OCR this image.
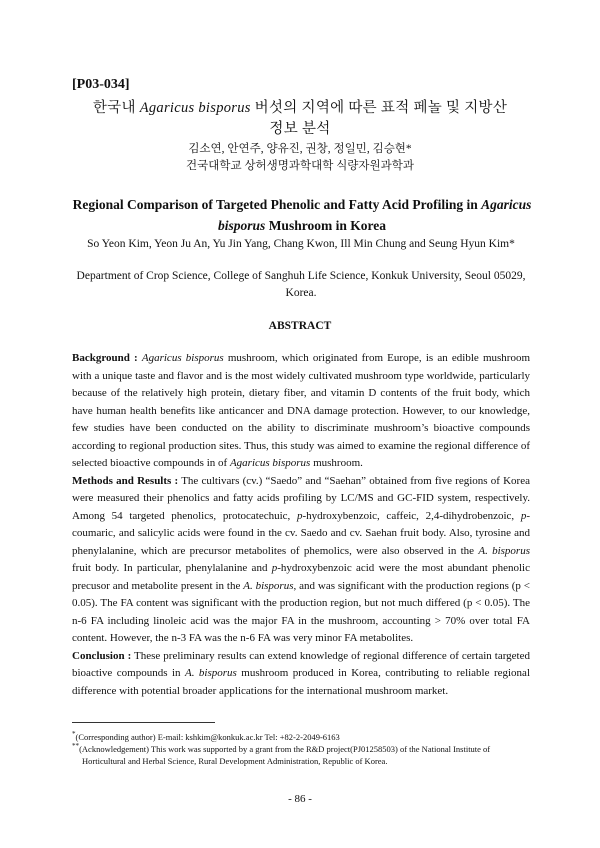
[P03-034]
한국내 Agaricus bisporus 버섯의 지역에 따른 표적 페놀 및 지방산
정보 분석
김소연, 안연주, 양유진, 권창, 정일민, 김승현*
건국대학교 상허생명과학대학 식량자원과학과
Regional Comparison of Targeted Phenolic and Fatty Acid Profiling in Agaricus bisporus Mushroom in Korea
So Yeon Kim, Yeon Ju An, Yu Jin Yang, Chang Kwon, Ill Min Chung and Seung Hyun Kim*
Department of Crop Science, College of Sanghuh Life Science, Konkuk University, Seoul 05029, Korea.
ABSTRACT

Background : Agaricus bisporus mushroom, which originated from Europe, is an edible mushroom with a unique taste and flavor and is the most widely cultivated mushroom type worldwide, particularly because of the relatively high protein, dietary fiber, and vitamin D contents of the fruit body, which have human health benefits like anticancer and DNA damage protection. However, to our knowledge, few studies have been conducted on the ability to discriminate mushroom’s bioactive compounds according to regional production sites. Thus, this study was aimed to examine the regional difference of selected bioactive compounds in of Agaricus bisporus mushroom.

Methods and Results : The cultivars (cv.) “Saedo” and “Saehan” obtained from five regions of Korea were measured their phenolics and fatty acids profiling by LC/MS and GC-FID system, respectively. Among 54 targeted phenolics, protocatechuic, p-hydroxybenzoic, caffeic, 2,4-dihydrobenzoic, p-coumaric, and salicylic acids were found in the cv. Saedo and cv. Saehan fruit body. Also, tyrosine and phenylalanine, which are precursor metabolites of phemolics, were also observed in the A. bisporus fruit body. In particular, phenylalanine and p-hydroxybenzoic acid were the most abundant phenolic precusor and metabolite present in the A. bisporus, and was significant with the production regions (p < 0.05). The FA content was significant with the production region, but not much differed (p < 0.05). The n-6 FA including linoleic acid was the major FA in the mushroom, accounting > 70% over total FA content. However, the n-3 FA was the n-6 FA was very minor FA metabolites.

Conclusion : These preliminary results can extend knowledge of regional difference of certain targeted bioactive compounds in A. bisporus mushroom produced in Korea, contributing to reliable regional difference with potential broader applications for the international mushroom market.

*(Corresponding author) E-mail: kshkim@konkuk.ac.kr Tel: +82-2-2049-6163
**(Acknowledgement) This work was supported by a grant from the R&D project(PJ01258503) of the National Institute of
Horticultural and Herbal Science, Rural Development Administration, Republic of Korea.
- 86 -
